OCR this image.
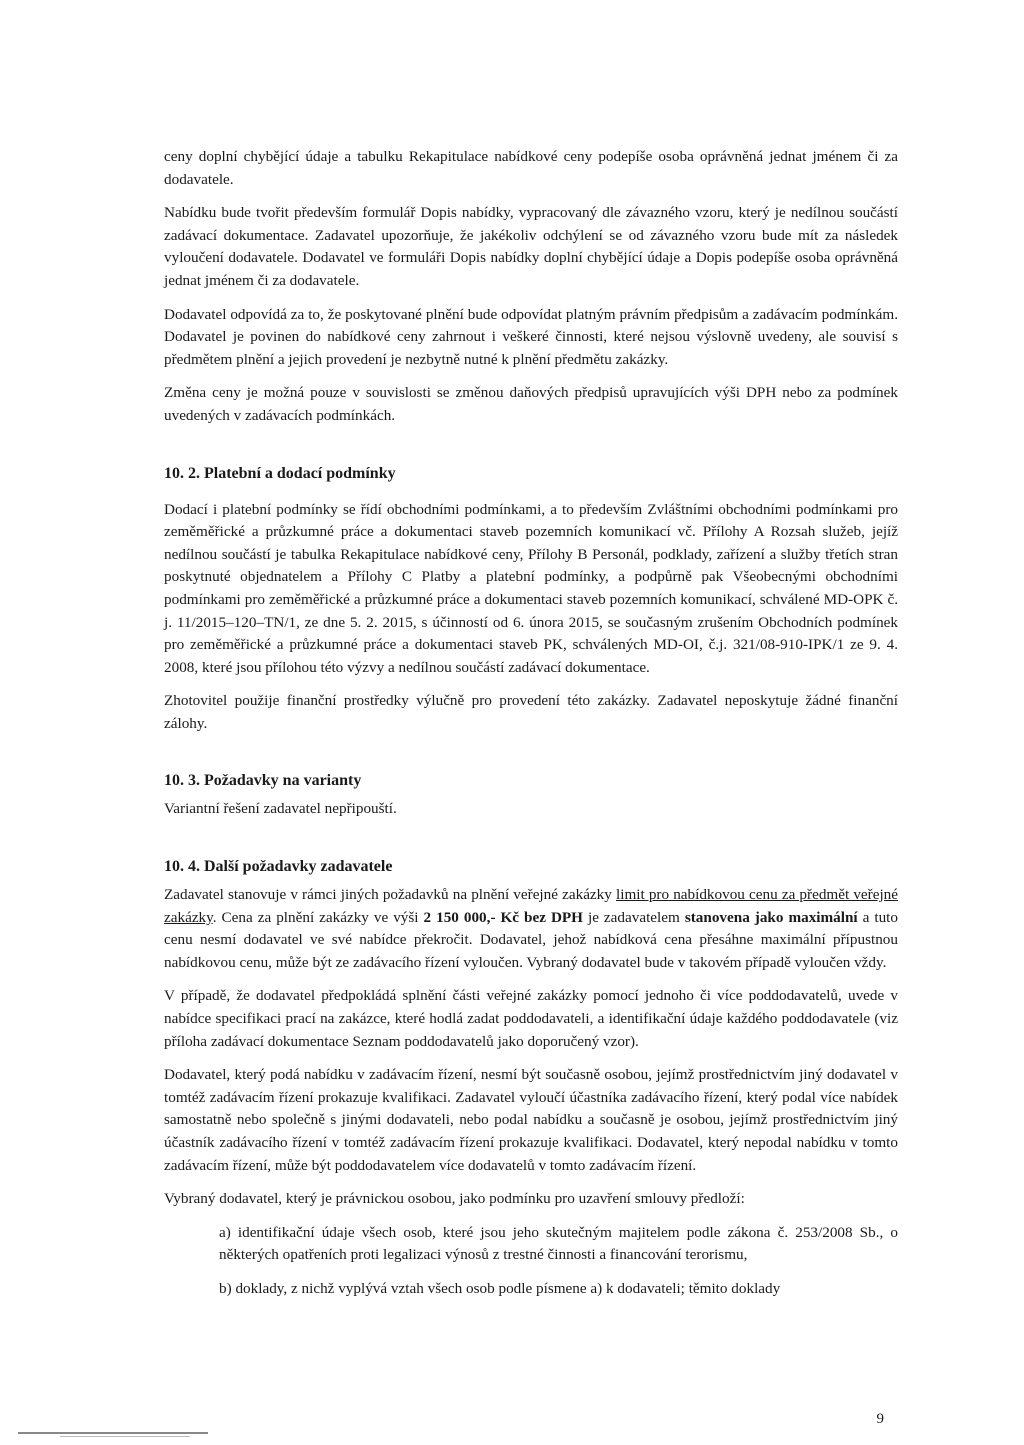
ceny doplní chybějící údaje a tabulku Rekapitulace nabídkové ceny podepíše osoba oprávněná jednat jménem či za dodavatele.

Nabídku bude tvořit především formulář Dopis nabídky, vypracovaný dle závazného vzoru, který je nedílnou součástí zadávací dokumentace. Zadavatel upozorňuje, že jakékoliv odchýlení se od závazného vzoru bude mít za následek vyloučení dodavatele. Dodavatel ve formuláři Dopis nabídky doplní chybějící údaje a Dopis podepíše osoba oprávněná jednat jménem či za dodavatele.

Dodavatel odpovídá za to, že poskytované plnění bude odpovídat platným právním předpisům a zadávacím podmínkám. Dodavatel je povinen do nabídkové ceny zahrnout i veškeré činnosti, které nejsou výslovně uvedeny, ale souvisí s předmětem plnění a jejich provedení je nezbytně nutné k plnění předmětu zakázky.

Změna ceny je možná pouze v souvislosti se změnou daňových předpisů upravujících výši DPH nebo za podmínek uvedených v zadávacích podmínkách.

10. 2. Platební a dodací podmínky

Dodací i platební podmínky se řídí obchodními podmínkami, a to především Zvláštními obchodními podmínkami pro zeměměřické a průzkumné práce a dokumentaci staveb pozemních komunikací vč. Přílohy A Rozsah služeb, jejíž nedílnou součástí je tabulka Rekapitulace nabídkové ceny, Přílohy B Personál, podklady, zařízení a služby třetích stran poskytnuté objednatelem a Přílohy C Platby a platební podmínky, a podpůrně pak Všeobecnými obchodními podmínkami pro zeměměřické a průzkumné práce a dokumentaci staveb pozemních komunikací, schválené MD-OPK č. j. 11/2015–120–TN/1, ze dne 5. 2. 2015, s účinností od 6. února 2015, se současným zrušením Obchodních podmínek pro zeměměřické a průzkumné práce a dokumentaci staveb PK, schválených MD-OI, č.j. 321/08-910-IPK/1 ze 9. 4. 2008, které jsou přílohou této výzvy a nedílnou součástí zadávací dokumentace.

Zhotovitel použije finanční prostředky výlučně pro provedení této zakázky. Zadavatel neposkytuje žádné finanční zálohy.

10. 3. Požadavky na varianty

Variantní řešení zadavatel nepřipouští.

10. 4. Další požadavky zadavatele

Zadavatel stanovuje v rámci jiných požadavků na plnění veřejné zakázky limit pro nabídkovou cenu za předmět veřejné zakázky. Cena za plnění zakázky ve výši 2 150 000,- Kč bez DPH je zadavatelem stanovena jako maximální a tuto cenu nesmí dodavatel ve své nabídce překročit. Dodavatel, jehož nabídková cena přesáhne maximální přípustnou nabídkovou cenu, může být ze zadávacího řízení vyloučen. Vybraný dodavatel bude v takovém případě vyloučen vždy.

V případě, že dodavatel předpokládá splnění části veřejné zakázky pomocí jednoho či více poddodavatelů, uvede v nabídce specifikaci prací na zakázce, které hodlá zadat poddodavateli, a identifikační údaje každého poddodavatele (viz příloha zadávací dokumentace Seznam poddodavatelů jako doporučený vzor).

Dodavatel, který podá nabídku v zadávacím řízení, nesmí být současně osobou, jejímž prostřednictvím jiný dodavatel v tomtéž zadávacím řízení prokazuje kvalifikaci. Zadavatel vyloučí účastníka zadávacího řízení, který podal více nabídek samostatně nebo společně s jinými dodavateli, nebo podal nabídku a současně je osobou, jejímž prostřednictvím jiný účastník zadávacího řízení v tomtéž zadávacím řízení prokazuje kvalifikaci. Dodavatel, který nepodal nabídku v tomto zadávacím řízení, může být poddodavatelem více dodavatelů v tomto zadávacím řízení.

Vybraný dodavatel, který je právnickou osobou, jako podmínku pro uzavření smlouvy předloží:

a) identifikační údaje všech osob, které jsou jeho skutečným majitelem podle zákona č. 253/2008 Sb., o některých opatřeních proti legalizaci výnosů z trestné činnosti a financování terorismu,
b) doklady, z nichž vyplývá vztah všech osob podle písmene a) k dodavateli; těmito doklady
9
